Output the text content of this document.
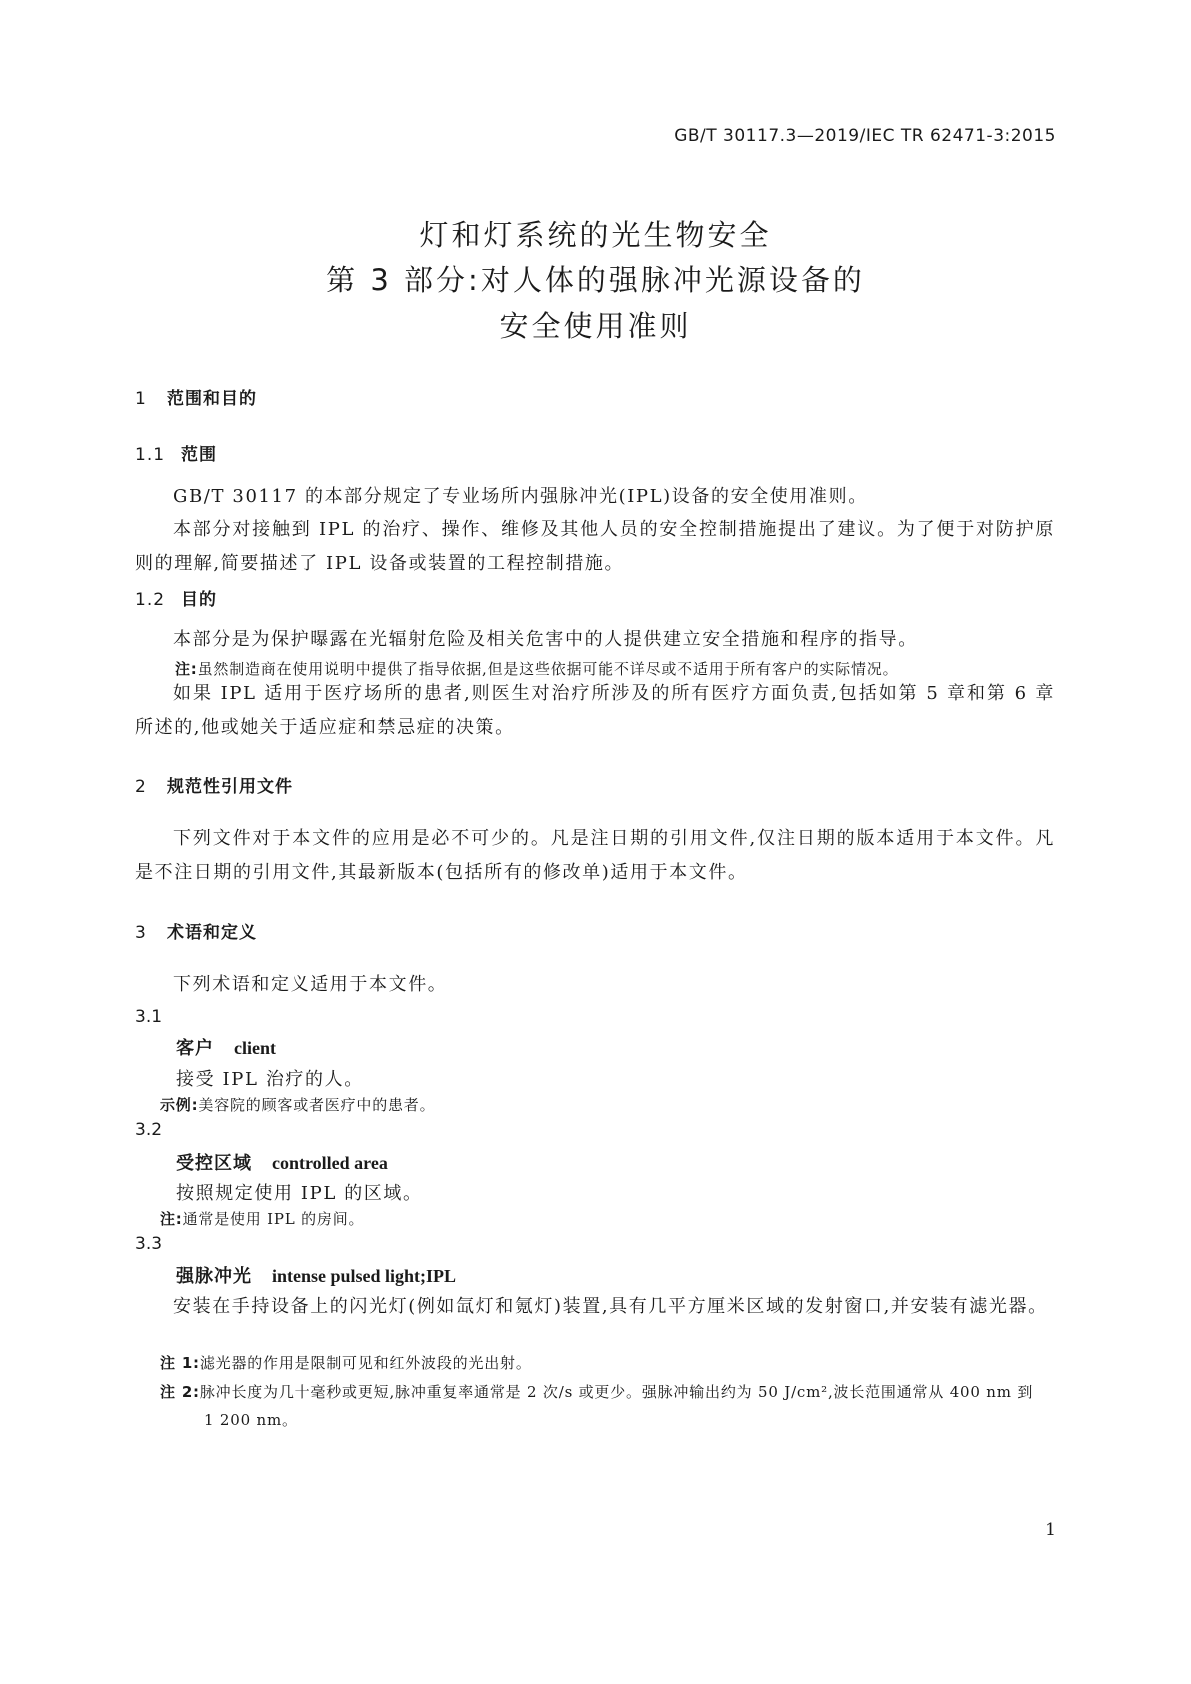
GB/T 30117.3—2019/IEC TR 62471-3:2015
灯和灯系统的光生物安全
第 3 部分:对人体的强脉冲光源设备的
安全使用准则
1 范围和目的
1.1 范围
GB/T 30117 的本部分规定了专业场所内强脉冲光(IPL)设备的安全使用准则。
本部分对接触到 IPL 的治疗、操作、维修及其他人员的安全控制措施提出了建议。为了便于对防护原则的理解,简要描述了 IPL 设备或装置的工程控制措施。
1.2 目的
本部分是为保护曝露在光辐射危险及相关危害中的人提供建立安全措施和程序的指导。
注:虽然制造商在使用说明中提供了指导依据,但是这些依据可能不详尽或不适用于所有客户的实际情况。
如果 IPL 适用于医疗场所的患者,则医生对治疗所涉及的所有医疗方面负责,包括如第 5 章和第 6 章所述的,他或她关于适应症和禁忌症的决策。
2 规范性引用文件
下列文件对于本文件的应用是必不可少的。凡是注日期的引用文件,仅注日期的版本适用于本文件。凡是不注日期的引用文件,其最新版本(包括所有的修改单)适用于本文件。
3 术语和定义
下列术语和定义适用于本文件。
3.1
客户 client
接受 IPL 治疗的人。
示例:美容院的顾客或者医疗中的患者。
3.2
受控区域 controlled area
按照规定使用 IPL 的区域。
注:通常是使用 IPL 的房间。
3.3
强脉冲光 intense pulsed light;IPL
安装在手持设备上的闪光灯(例如氙灯和氪灯)装置,具有几平方厘米区域的发射窗口,并安装有滤光器。
注 1:滤光器的作用是限制可见和红外波段的光出射。
注 2:脉冲长度为几十毫秒或更短,脉冲重复率通常是 2 次/s 或更少。强脉冲输出约为 50 J/cm²,波长范围通常从 400 nm 到 1 200 nm。
1
